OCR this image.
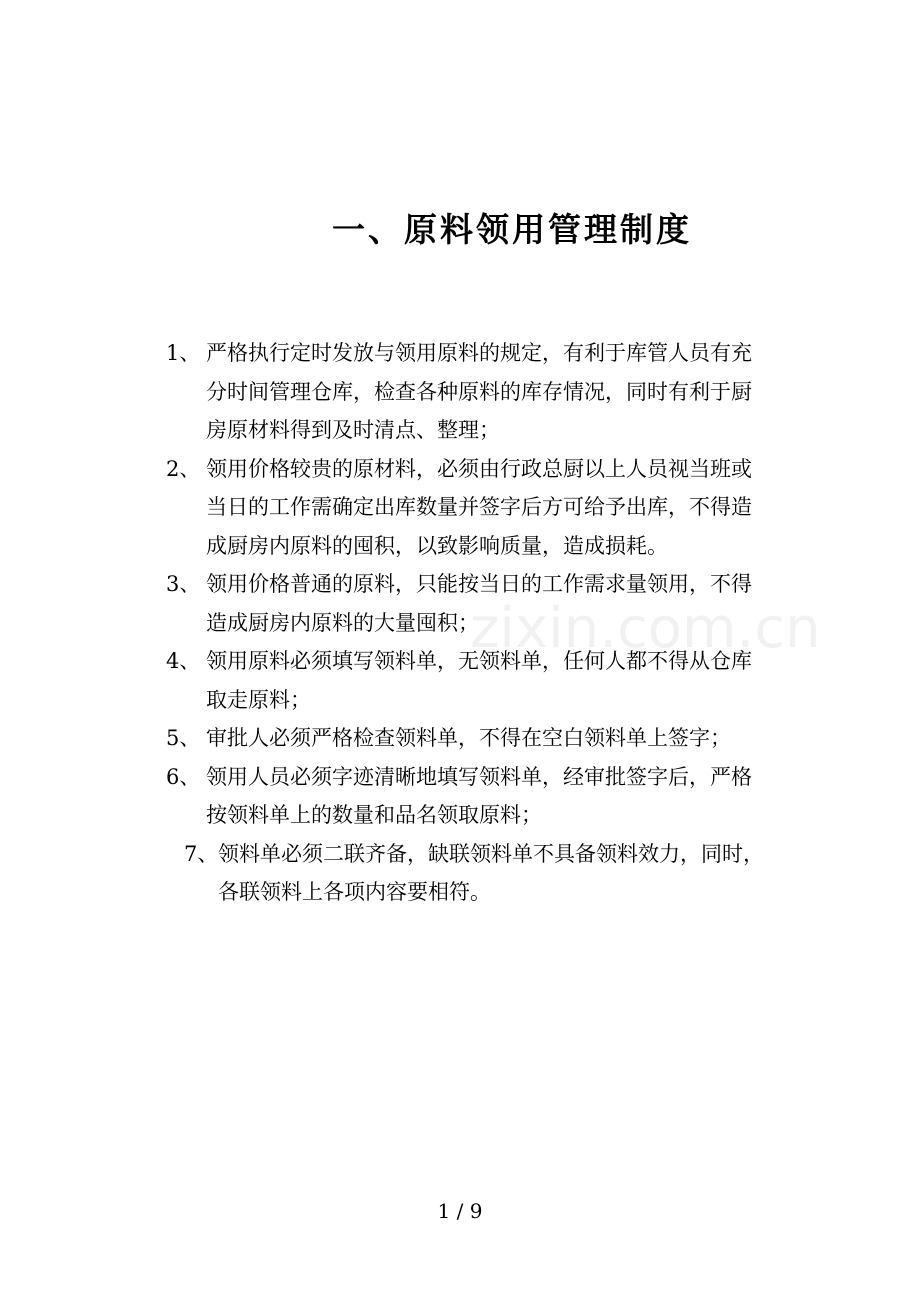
一、原料领用管理制度
1、 严格执行定时发放与领用原料的规定，有利于库管人员有充
分时间管理仓库，检查各种原料的库存情况，同时有利于厨
房原材料得到及时清点、整理；
2、 领用价格较贵的原材料，必须由行政总厨以上人员视当班或
当日的工作需确定出库数量并签字后方可给予出库，不得造
成厨房内原料的囤积，以致影响质量，造成损耗。
3、 领用价格普通的原料，只能按当日的工作需求量领用，不得
造成厨房内原料的大量囤积；
4、 领用原料必须填写领料单，无领料单，任何人都不得从仓库
取走原料；
5、 审批人必须严格检查领料单，不得在空白领料单上签字；
6、 领用人员必须字迹清晰地填写领料单，经审批签字后，严格
按领料单上的数量和品名领取原料；
7、 领料单必须二联齐备，缺联领料单不具备领料效力，同时，
各联领料上各项内容要相符。
zixin.com.cn
1 / 9
